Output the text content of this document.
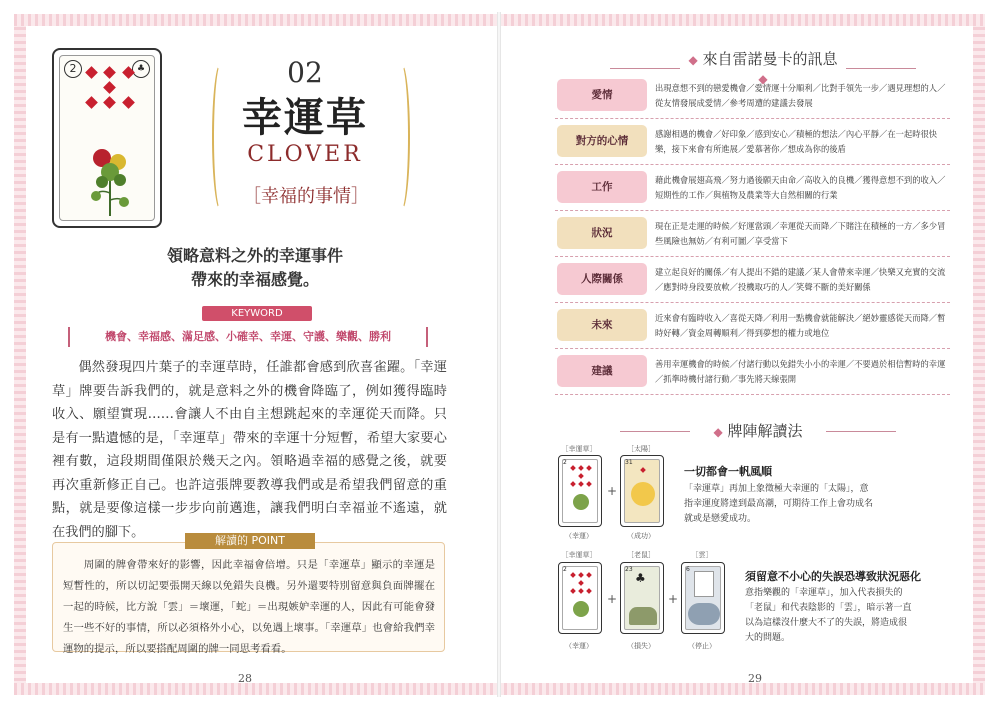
2	♣	02
幸運草
CLOVER
［幸福的事情］
領略意料之外的幸運事件
帶來的幸福感覺。
KEYWORD
機會、幸福感、滿足感、小確幸、幸運、守護、樂觀、勝利
偶然發現四片葉子的幸運草時，任誰都會感到欣喜雀躍。「幸運草」牌要告訴我們的，就是意料之外的機會降臨了，例如獲得臨時收入、願望實現……會讓人不由自主想跳起來的幸運從天而降。只是有一點遺憾的是，「幸運草」帶來的幸運十分短暫，希望大家要心裡有數，這段期間僅限於幾天之內。領略過幸福的感覺之後，就要再次重新修正自己。也許這張牌要教導我們或是希望我們留意的重點，就是要像這樣一步步向前邁進，讓我們明白幸福並不遙遠，就在我們的腳下。
解讀的 POINT
周圍的牌會帶來好的影響，因此幸福會倍增。只是「幸運草」顯示的幸運是短暫性的，所以切記要張開天線以免錯失良機。另外還要特別留意與負面牌擺在一起的時候，比方說「雲」＝壞運，「蛇」＝出現嫉妒幸運的人，因此有可能會發生一些不好的事情，所以必須格外小心，以免遇上壞事。「幸運草」也會給我們幸運物的提示，所以要搭配周圍的牌一同思考看看。
28
◆ 來自雷諾曼卡的訊息 ◆
愛情
出現意想不到的戀愛機會／愛情運十分順利／比對手領先一步／遇見理想的人／從友情發展成愛情／參考周遭的建議去發展
對方的心情
感謝相遇的機會／好印象／感到安心／積極的想法／內心平靜／在一起時很快樂，接下來會有所進展／愛慕著你／想成為你的後盾
工作
藉此機會展翅高飛／努力過後願天由命／高收入的良機／獲得意想不到的收入／短期性的工作／與植物及農業等大自然相關的行業
狀況
現在正是走運的時候／好運當頭／幸運從天而降／下賭注在積極的一方／多少冒些風險也無妨／有利可圖／享受當下
人際關係
建立起良好的關係／有人提出不錯的建議／某人會帶來幸運／快樂又充實的交流／應對時身段要放軟／投機取巧的人／笑聲不斷的美好關係
未來
近來會有臨時收入／喜從天降／利用一點機會就能解決／絕妙靈感從天而降／暫時好轉／資金周轉順利／得到夢想的權力或地位
建議
善用幸運機會的時候／付諸行動以免錯失小小的幸運／不要過於相信暫時的幸運／抓準時機付諸行動／事先將天線張開
◆ 牌陣解讀法
［幸運草］
2
（幸運）
+
［太陽］
31
（成功）
一切都會一帆風順
「幸運草」再加上象徵極大幸運的「太陽」，意指幸運度將達到最高潮，可期待工作上會功成名就或是戀愛成功。
［幸運草］
2
（幸運）
+
［老鼠］
23
♣
（損失）
+
［雲］
6
（停止）
須留意不小心的失誤恐導致狀況惡化
意指樂觀的「幸運草」，加入代表損失的「老鼠」和代表陰影的「雲」，暗示著一直以為這樣沒什麼大不了的失誤，將造成很大的問題。
29
